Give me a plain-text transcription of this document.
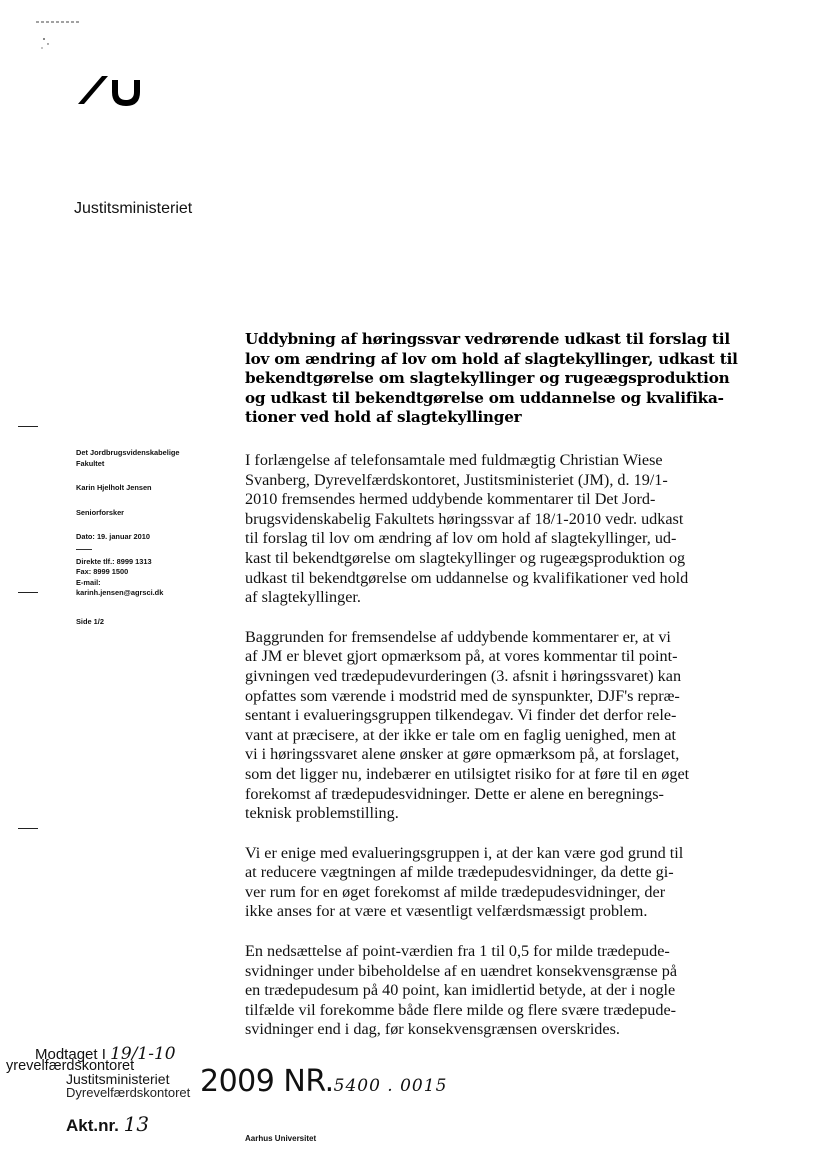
Justitsministeriet
Uddybning af høringssvar vedrørende udkast til forslag til
lov om ændring af lov om hold af slagtekyllinger, udkast til
bekendtgørelse om slagtekyllinger og rugeægsproduktion
og udkast til bekendtgørelse om uddannelse og kvalifika-
tioner ved hold af slagtekyllinger
Det Jordbrugsvidenskabelige
Fakultet
Karin Hjelholt Jensen
Seniorforsker
Dato: 19. januar 2010
Direkte tlf.: 8999 1313
Fax: 8999 1500
E-mail:
karinh.jensen@agrsci.dk
Side 1/2
I forlængelse af telefonsamtale med fuldmægtig Christian Wiese
Svanberg, Dyrevelfærdskontoret, Justitsministeriet (JM), d. 19/1-
2010 fremsendes hermed uddybende kommentarer til Det Jord-
brugsvidenskabelig Fakultets høringssvar af 18/1-2010 vedr. udkast
til forslag til lov om ændring af lov om hold af slagtekyllinger, ud-
kast til bekendtgørelse om slagtekyllinger og rugeægsproduktion og
udkast til bekendtgørelse om uddannelse og kvalifikationer ved hold
af slagtekyllinger.
Baggrunden for fremsendelse af uddybende kommentarer er, at vi
af JM er blevet gjort opmærksom på, at vores kommentar til point-
givningen ved trædepudevurderingen (3. afsnit i høringssvaret) kan
opfattes som værende i modstrid med de synspunkter, DJF's repræ-
sentant i evalueringsgruppen tilkendegav. Vi finder det derfor rele-
vant at præcisere, at der ikke er tale om en faglig uenighed, men at
vi i høringssvaret alene ønsker at gøre opmærksom på, at forslaget,
som det ligger nu, indebærer en utilsigtet risiko for at føre til en øget
forekomst af trædepudesvidninger. Dette er alene en beregnings-
teknisk problemstilling.
Vi er enige med evalueringsgruppen i, at der kan være god grund til
at reducere vægtningen af milde trædepudesvidninger, da dette gi-
ver rum for en øget forekomst af milde trædepudesvidninger, der
ikke anses for at være et væsentligt velfærdsmæssigt problem.
En nedsættelse af point-værdien fra 1 til 0,5 for milde trædepude-
svidninger under bibeholdelse af en uændret konsekvensgrænse på
en trædepudesum på 40 point, kan imidlertid betyde, at der i nogle
tilfælde vil forekomme både flere milde og flere svære trædepude-
svidninger end i dag, før konsekvensgrænsen overskrides.
Modtaget I 19/1-10
yrevelfærdskontoret
Justitsministeriet
Dyrevelfærdskontoret 2009 NR.5400 . 0015
Akt.nr. 13
Aarhus Universitet
